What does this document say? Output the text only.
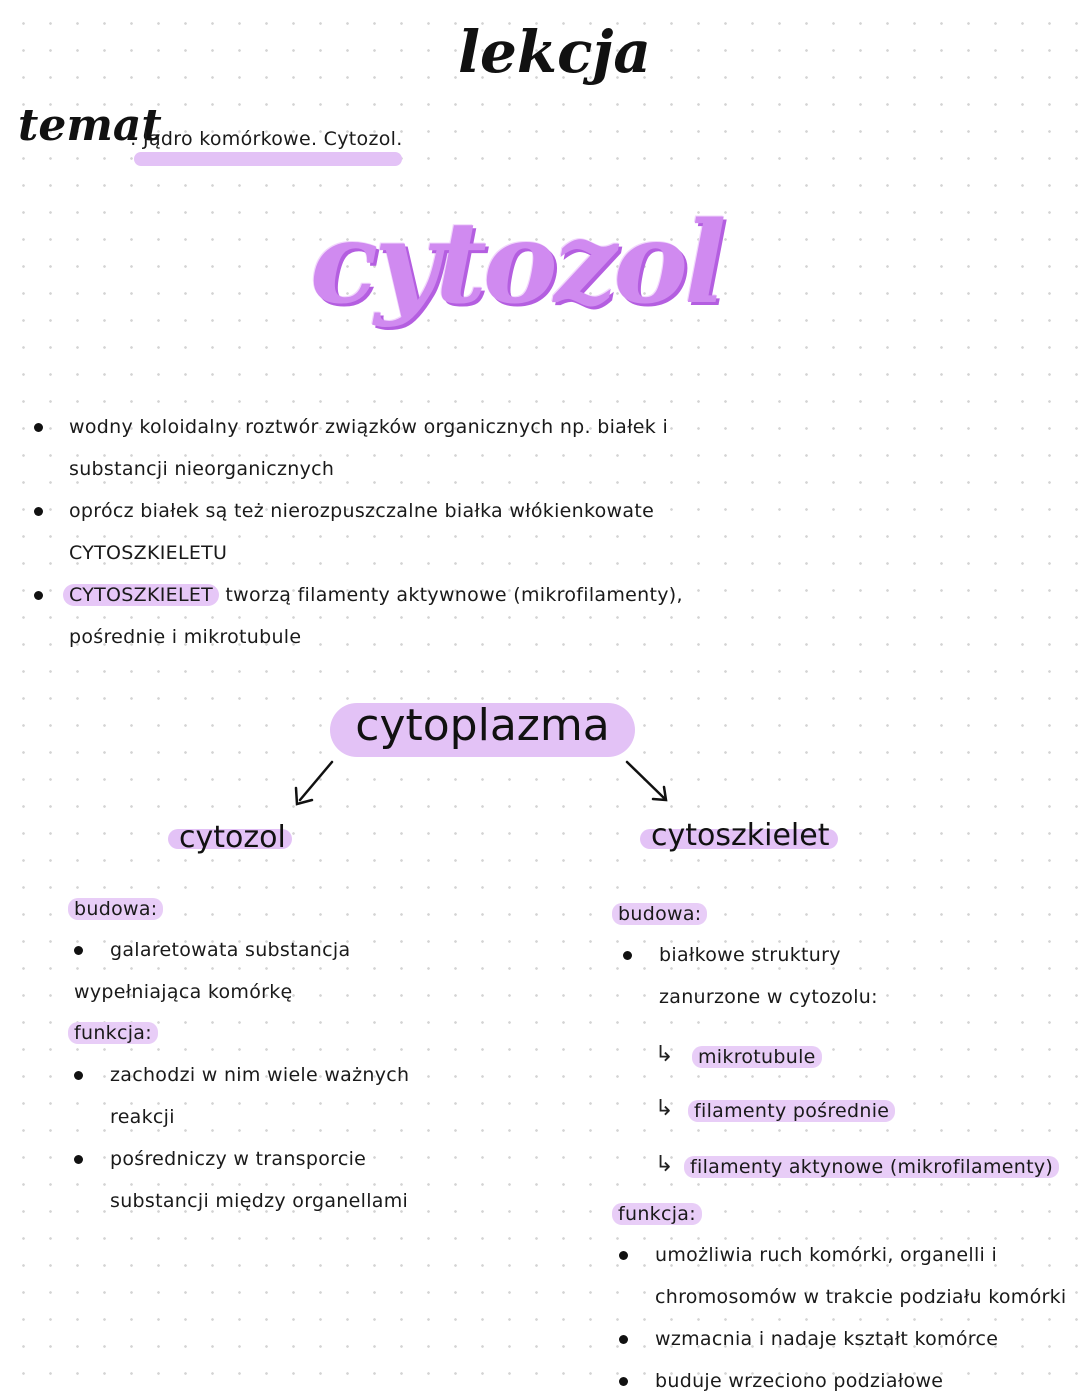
lekcja
temat
: Jądro komórkowe. Cytozol.
cytozol
wodny koloidalny roztwór związków organicznych np. białek i
substancji nieorganicznych
oprócz białek są też nierozpuszczalne białka włókienkowate
CYTOSZKIELETU
CYTOSZKIELET tworzą filamenty aktywnowe (mikrofilamenty),
pośrednie i mikrotubule
cytoplazma
cytozol
budowa:
galaretowata substancja
wypełniająca komórkę
funkcja:
zachodzi w nim wiele ważnych
reakcji
pośredniczy w transporcie
substancji między organellami
cytoszkielet
budowa:
białkowe struktury
zanurzone w cytozolu:
↳	mikrotubule
↳	filamenty pośrednie
↳ filamenty aktynowe (mikrofilamenty)
funkcja:
umożliwia ruch komórki, organelli i
chromosomów w trakcie podziału komórki
wzmacnia i nadaje kształt komórce
buduje wrzeciono podziałowe
